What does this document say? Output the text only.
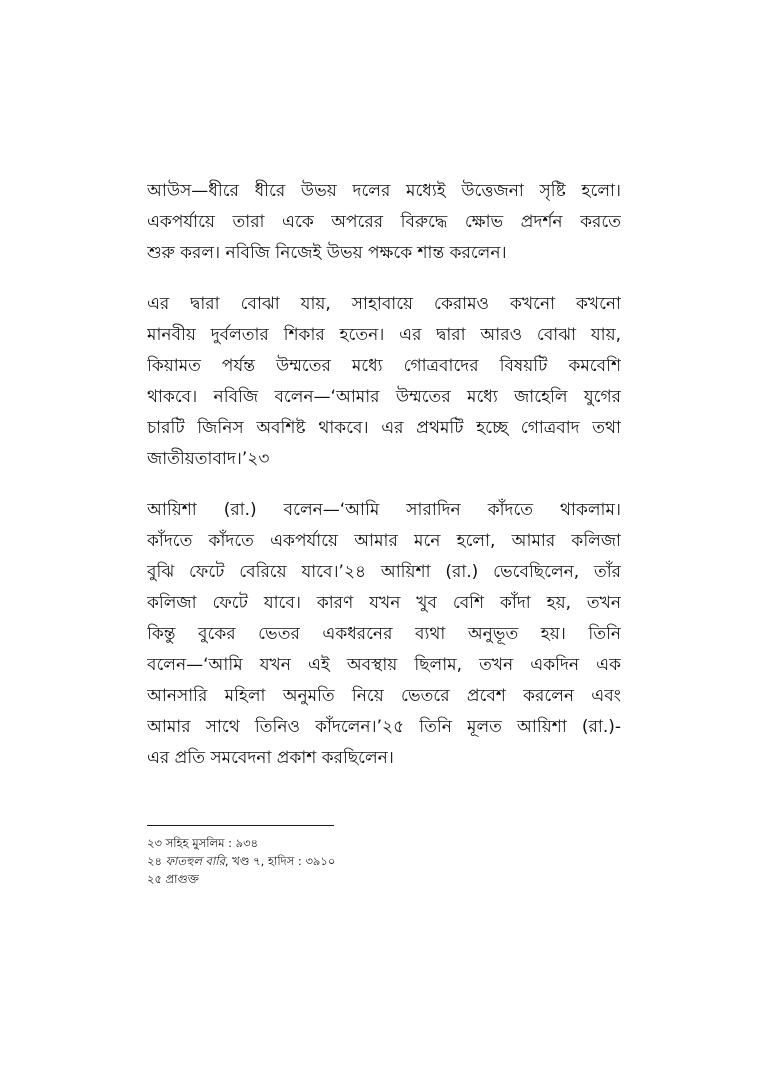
আউস—ধীরে ধীরে উভয় দলের মধ্যেই উত্তেজনা সৃষ্টি হলো।
একপর্যায়ে তারা একে অপরের বিরুদ্ধে ক্ষোভ প্রদর্শন করতে
শুরু করল। নবিজি নিজেই উভয় পক্ষকে শান্ত করলেন।
এর দ্বারা বোঝা যায়, সাহাবায়ে কেরামও কখনো কখনো
মানবীয় দুর্বলতার শিকার হতেন। এর দ্বারা আরও বোঝা যায়,
কিয়ামত পর্যন্ত উম্মতের মধ্যে গোত্রবাদের বিষয়টি কমবেশি
থাকবে। নবিজি বলেন—‘আমার উম্মতের মধ্যে জাহেলি যুগের
চারটি জিনিস অবশিষ্ট থাকবে। এর প্রথমটি হচ্ছে গোত্রবাদ তথা
জাতীয়তাবাদ।’২৩
আয়িশা (রা.) বলেন—‘আমি সারাদিন কাঁদতে থাকলাম।
কাঁদতে কাঁদতে একপর্যায়ে আমার মনে হলো, আমার কলিজা
বুঝি ফেটে বেরিয়ে যাবে।’২৪ আয়িশা (রা.) ভেবেছিলেন, তাঁর
কলিজা ফেটে যাবে। কারণ যখন খুব বেশি কাঁদা হয়, তখন
কিন্তু বুকের ভেতর একধরনের ব্যথা অনুভূত হয়। তিনি
বলেন—‘আমি যখন এই অবস্থায় ছিলাম, তখন একদিন এক
আনসারি মহিলা অনুমতি নিয়ে ভেতরে প্রবেশ করলেন এবং
আমার সাথে তিনিও কাঁদলেন।’২৫ তিনি মূলত আয়িশা (রা.)-
এর প্রতি সমবেদনা প্রকাশ করছিলেন।
২৩ সহিহ মুসলিম : ৯৩৪
২৪ ফাতহুল বারি, খণ্ড ৭, হাদিস : ৩৯১০
২৫ প্রাগুক্ত
